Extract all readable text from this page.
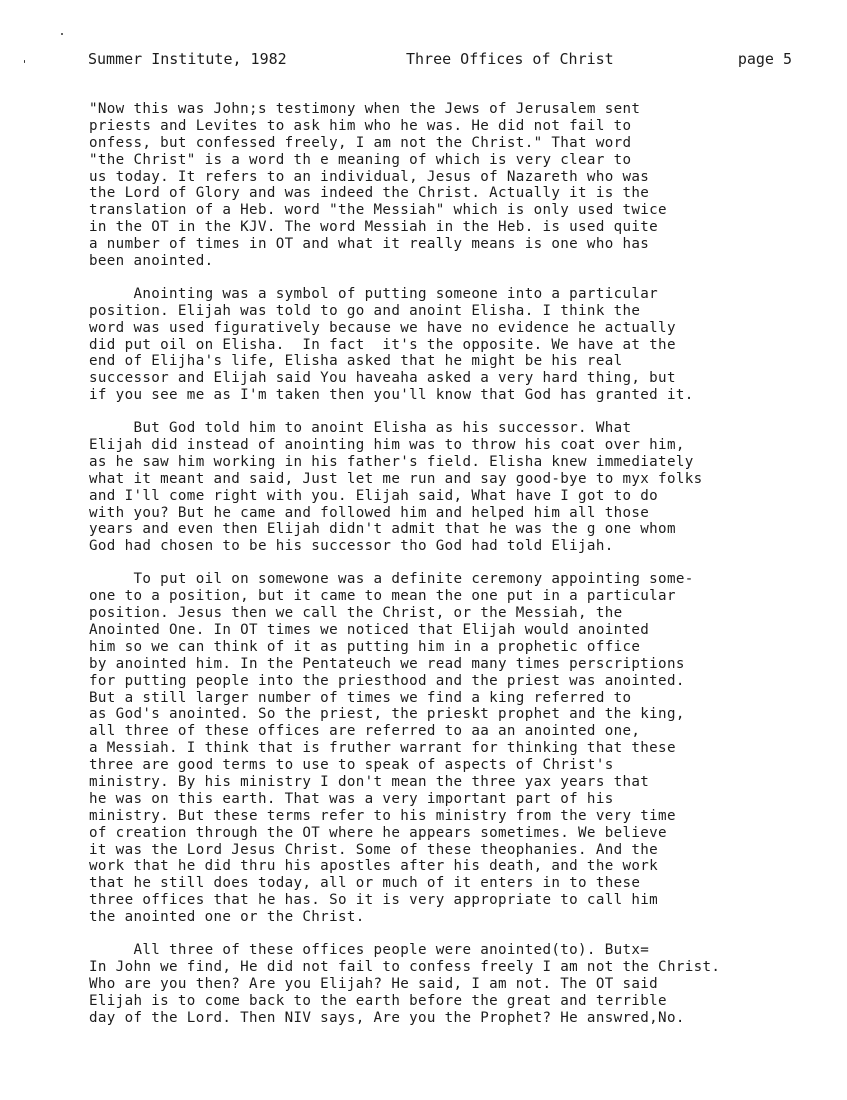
Summer Institute, 1982

	Three Offices of Christ

	page 5

"Now this was John;s testimony when the Jews of Jerusalem sent
priests and Levites to ask him who he was. He did not fail to
onfess, but confessed freely, I am not the Christ." That word
"the Christ" is a word th e meaning of which is very clear to
us today. It refers to an individual, Jesus of Nazareth who was
the Lord of Glory and was indeed the Christ. Actually it is the
translation of a Heb. word "the Messiah" which is only used twice
in the OT in the KJV. The word Messiah in the Heb. is used quite
a number of times in OT and what it really means is one who has
been anointed.
Anointing was a symbol of putting someone into a particular
position. Elijah was told to go and anoint Elisha. I think the
word was used figuratively because we have no evidence he actually
did put oil on Elisha.  In fact  it's the opposite. We have at the
end of Elijha's life, Elisha asked that he might be his real
successor and Elijah said You haveaha asked a very hard thing, but
if you see me as I'm taken then you'll know that God has granted it.
But God told him to anoint Elisha as his successor. What
Elijah did instead of anointing him was to throw his coat over him,
as he saw him working in his father's field. Elisha knew immediately
what it meant and said, Just let me run and say good-bye to myx folks
and I'll come right with you. Elijah said, What have I got to do
with you? But he came and followed him and helped him all those
years and even then Elijah didn't admit that he was the g one whom
God had chosen to be his successor tho God had told Elijah.
To put oil on somewone was a definite ceremony appointing some-
one to a position, but it came to mean the one put in a particular
position. Jesus then we call the Christ, or the Messiah, the
Anointed One. In OT times we noticed that Elijah would anointed
him so we can think of it as putting him in a prophetic office
by anointed him. In the Pentateuch we read many times perscriptions
for putting people into the priesthood and the priest was anointed.
But a still larger number of times we find a king referred to
as God's anointed. So the priest, the prieskt prophet and the king,
all three of these offices are referred to aa an anointed one,
a Messiah. I think that is fruther warrant for thinking that these
three are good terms to use to speak of aspects of Christ's
ministry. By his ministry I don't mean the three yax years that
he was on this earth. That was a very important part of his
ministry. But these terms refer to his ministry from the very time
of creation through the OT where he appears sometimes. We believe
it was the Lord Jesus Christ. Some of these theophanies. And the
work that he did thru his apostles after his death, and the work
that he still does today, all or much of it enters in to these
three offices that he has. So it is very appropriate to call him
the anointed one or the Christ.
All three of these offices people were anointed(to). Butx=
In John we find, He did not fail to confess freely I am not the Christ.
Who are you then? Are you Elijah? He said, I am not. The OT said
Elijah is to come back to the earth before the great and terrible
day of the Lord. Then NIV says, Are you the Prophet? He answred,No.
